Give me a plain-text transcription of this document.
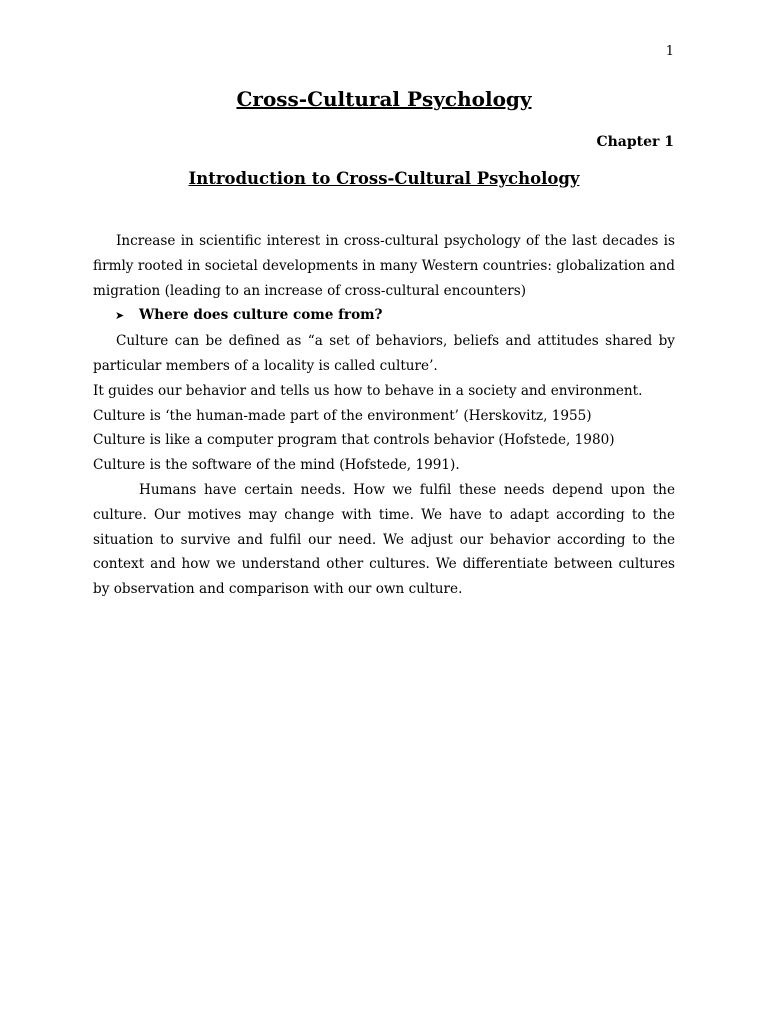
1
Cross-Cultural Psychology
Chapter 1
Introduction to Cross-Cultural Psychology

Increase in scientific interest in cross-cultural psychology of the last decades is firmly rooted in societal developments in many Western countries: globalization and migration (leading to an increase of cross-cultural encounters)

➤	Where does culture come from?

Culture can be defined as “a set of behaviors, beliefs and attitudes shared by particular members of a locality is called culture’.

It guides our behavior and tells us how to behave in a society and environment.

Culture is ‘the human-made part of the environment’ (Herskovitz, 1955)

Culture is like a computer program that controls behavior (Hofstede, 1980)

Culture is the software of the mind (Hofstede, 1991).

Humans have certain needs. How we fulfil these needs depend upon the culture. Our motives may change with time. We have to adapt according to the situation to survive and fulfil our need. We adjust our behavior according to the context and how we understand other cultures. We differentiate between cultures by observation and comparison with our own culture.
